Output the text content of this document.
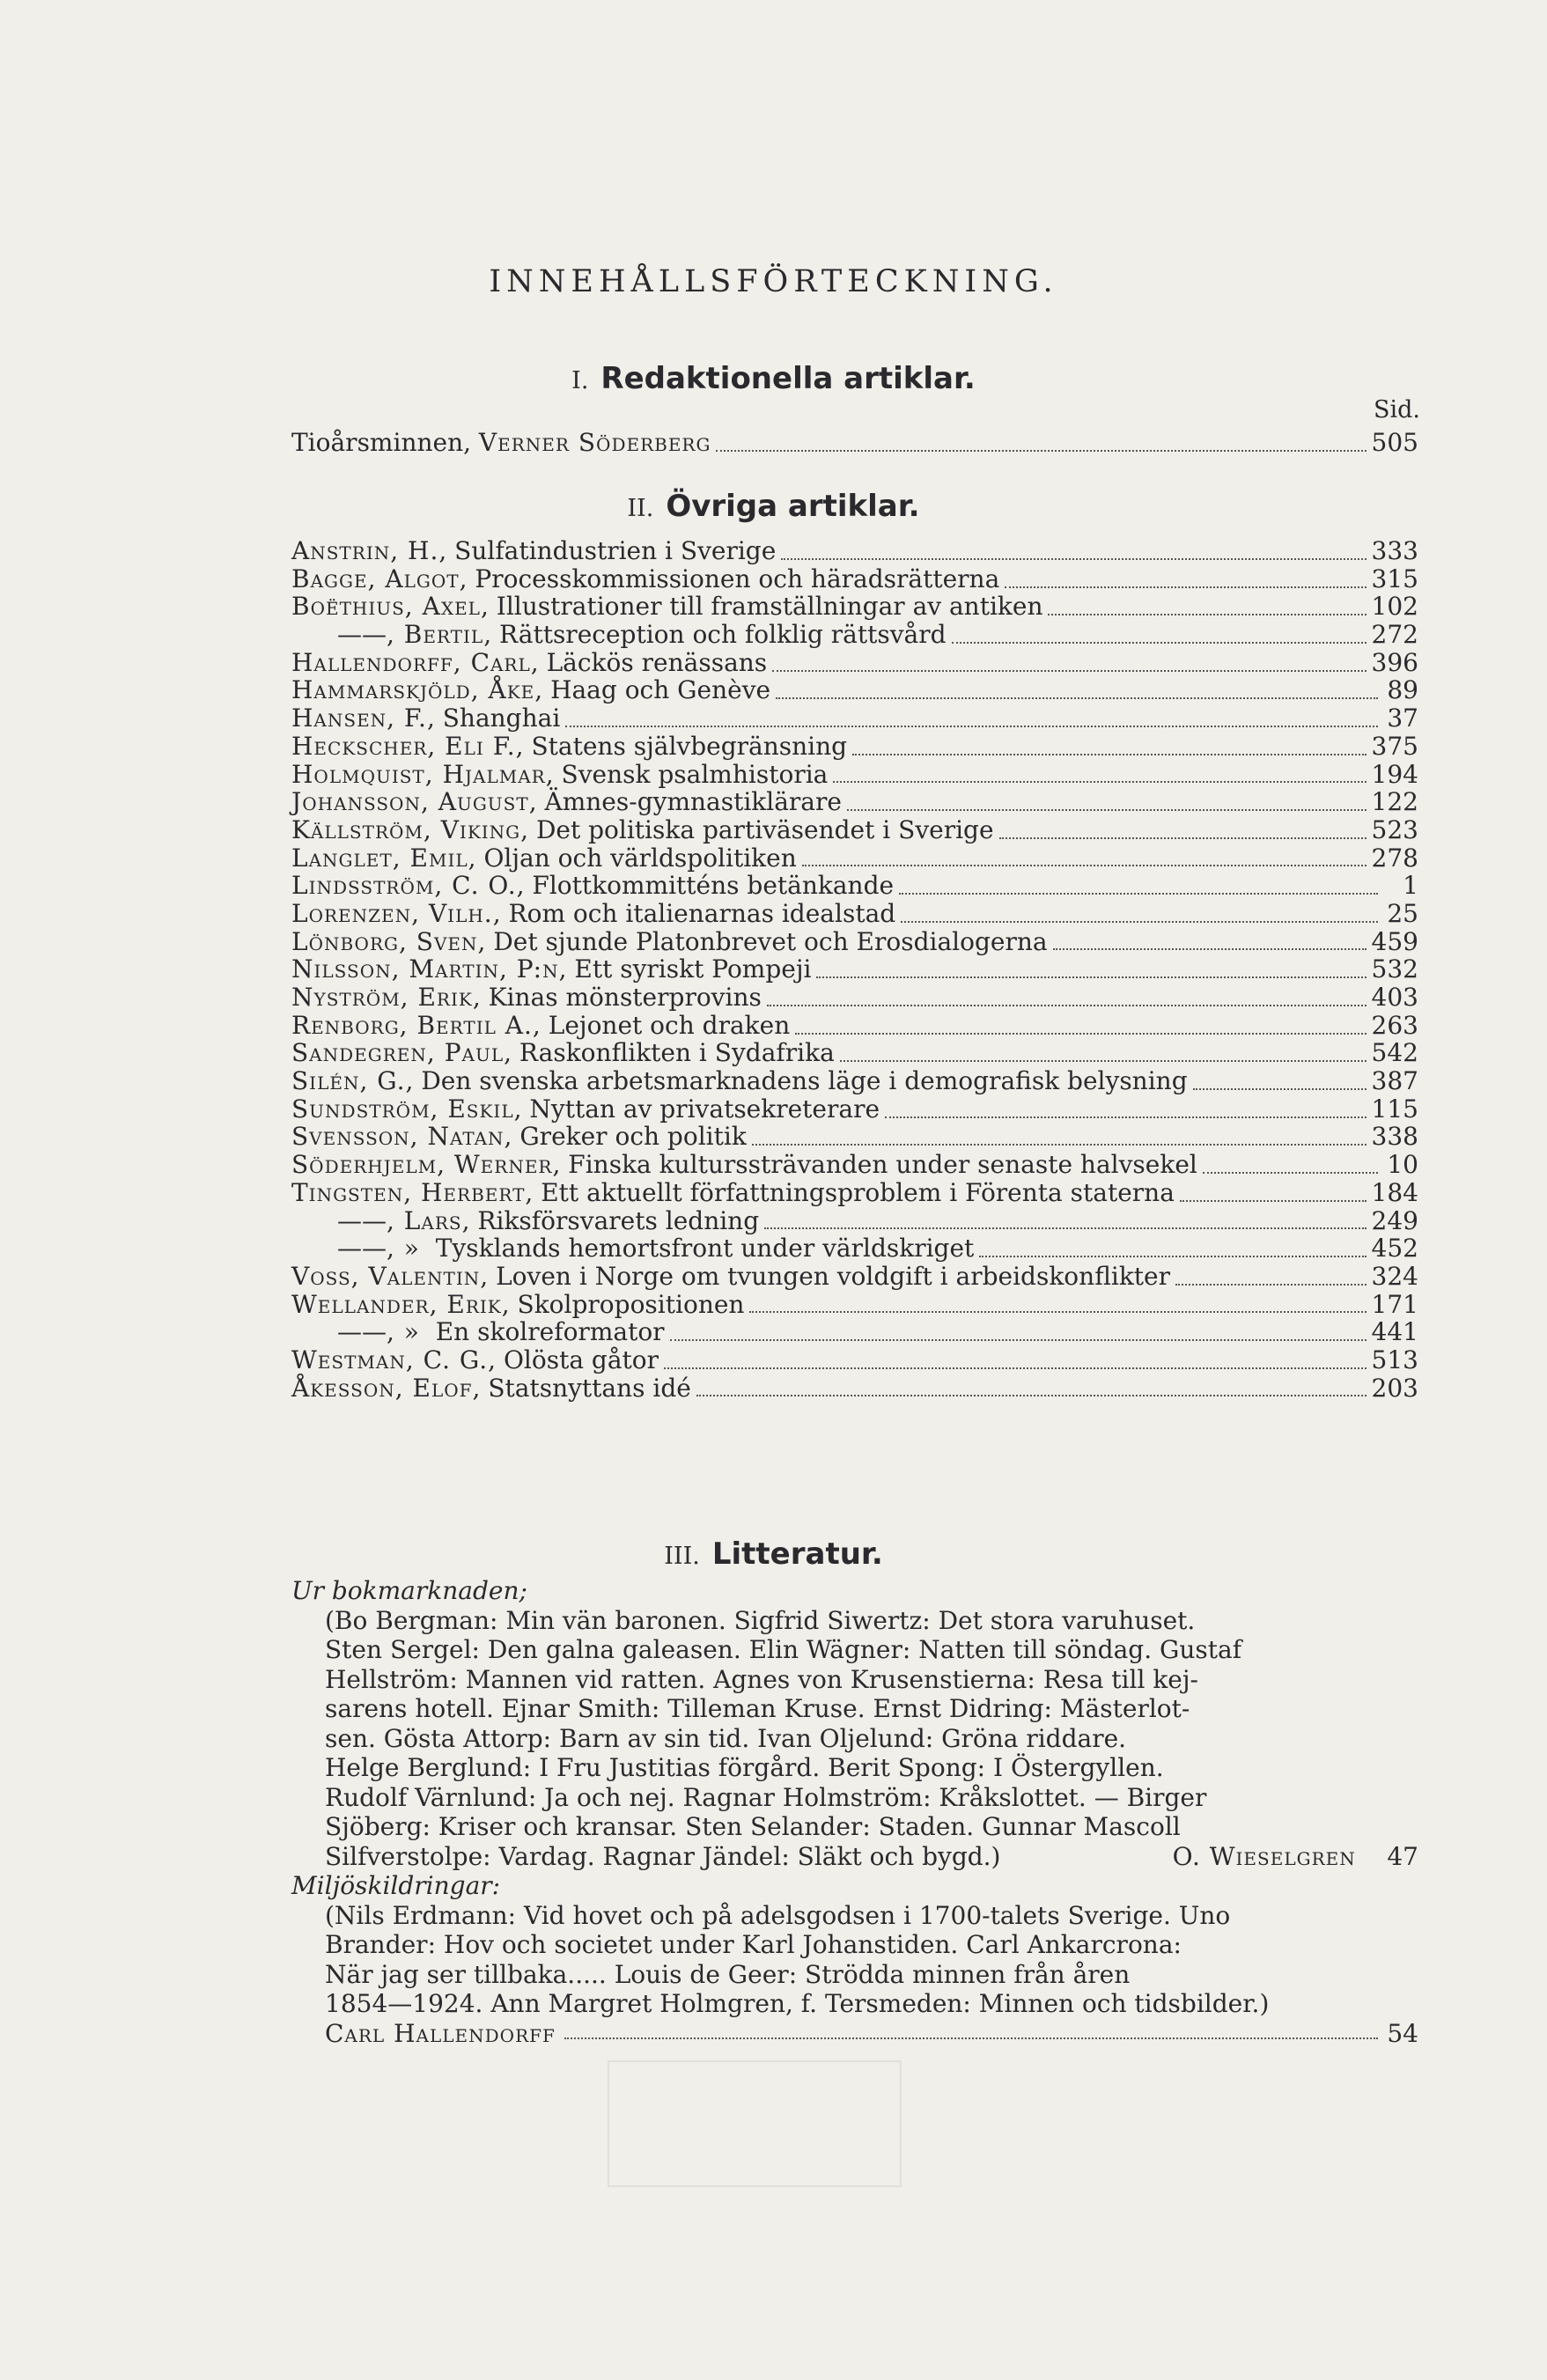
INNEHÅLLSFÖRTECKNING.
I. Redaktionella artiklar.
Sid.
Tioårsminnen, Verner Söderberg	505
II. Övriga artiklar.
Anstrin, H., Sulfatindustrien i Sverige	333
Bagge, Algot, Processkommissionen och häradsrätterna	315
Boëthius, Axel, Illustrationer till framställningar av antiken	102
——, Bertil, Rättsreception och folklig rättsvård	272
Hallendorff, Carl, Läckös renässans	396
Hammarskjöld, Åke, Haag och Genève	89
Hansen, F., Shanghai	37
Heckscher, Eli F., Statens självbegränsning	375
Holmquist, Hjalmar, Svensk psalmhistoria	194
Johansson, August, Ämnes-gymnastiklärare	122
Källström, Viking, Det politiska partiväsendet i Sverige	523
Langlet, Emil, Oljan och världspolitiken	278
Lindsström, C. O., Flottkommitténs betänkande	1
Lorenzen, Vilh., Rom och italienarnas idealstad	25
Lönborg, Sven, Det sjunde Platonbrevet och Erosdialogerna	459
Nilsson, Martin, P:n, Ett syriskt Pompeji	532
Nyström, Erik, Kinas mönsterprovins	403
Renborg, Bertil A., Lejonet och draken	263
Sandegren, Paul, Raskonflikten i Sydafrika	542
Silén, G., Den svenska arbetsmarknadens läge i demografisk belysning	387
Sundström, Eskil, Nyttan av privatsekreterare	115
Svensson, Natan, Greker och politik	338
Söderhjelm, Werner, Finska kulturssträvanden under senaste halvsekel	10
Tingsten, Herbert, Ett aktuellt författningsproblem i Förenta staterna	184
——, Lars, Riksförsvarets ledning	249
——, »  Tysklands hemortsfront under världskriget	452
Voss, Valentin, Loven i Norge om tvungen voldgift i arbeidskonflikter	324
Wellander, Erik, Skolpropositionen	171
——, »  En skolreformator	441
Westman, C. G., Olösta gåtor	513
Åkesson, Elof, Statsnyttans idé	203
III. Litteratur.
Ur bokmarknaden;
(Bo Bergman: Min vän baronen. Sigfrid Siwertz: Det stora varuhuset.
Sten Sergel: Den galna galeasen. Elin Wägner: Natten till söndag. Gustaf
Hellström: Mannen vid ratten. Agnes von Krusenstierna: Resa till kej-
sarens hotell. Ejnar Smith: Tilleman Kruse. Ernst Didring: Mästerlot-
sen. Gösta Attorp: Barn av sin tid. Ivan Oljelund: Gröna riddare.
Helge Berglund: I Fru Justitias förgård. Berit Spong: I Östergyllen.
Rudolf Värnlund: Ja och nej. Ragnar Holmström: Kråkslottet. — Birger
Sjöberg: Kriser och kransar. Sten Selander: Staden. Gunnar Mascoll
Silfverstolpe: Vardag. Ragnar Jändel: Släkt och bygd.)	O. Wieselgren 47
Miljöskildringar:
(Nils Erdmann: Vid hovet och på adelsgodsen i 1700-talets Sverige. Uno
Brander: Hov och societet under Karl Johanstiden. Carl Ankarcrona:
När jag ser tillbaka..... Louis de Geer: Strödda minnen från åren
1854—1924. Ann Margret Holmgren, f. Tersmeden: Minnen och tidsbilder.)
Carl Hallendorff	54
